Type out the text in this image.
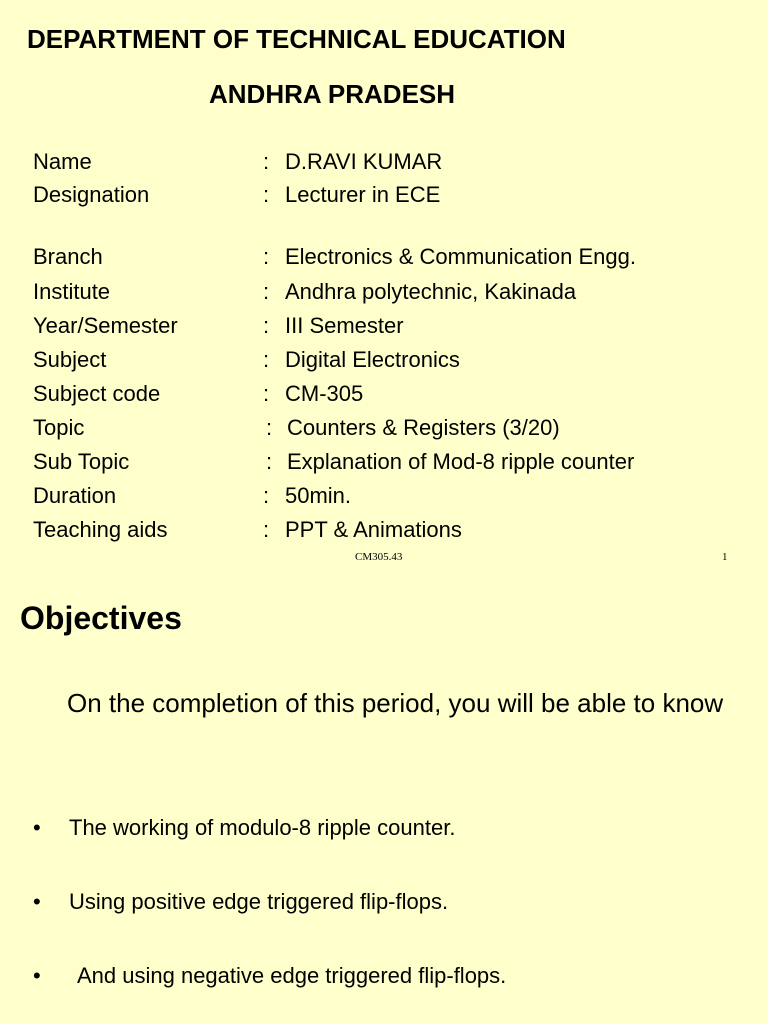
DEPARTMENT OF TECHNICAL EDUCATION
ANDHRA PRADESH
Name	: D.RAVI KUMAR
Designation	: Lecturer in ECE
Branch	: Electronics & Communication Engg.
Institute	: Andhra polytechnic, Kakinada
Year/Semester	: III Semester
Subject	: Digital Electronics
Subject code	: CM-305
Topic	: Counters & Registers (3/20)
Sub Topic	: Explanation of Mod-8 ripple counter
Duration	: 50min.
Teaching aids	: PPT & Animations
CM305.43	1
Objectives
On the completion of this period, you will be able to know
• The working of modulo-8 ripple counter.
• Using positive edge triggered flip-flops.
• And using negative edge triggered flip-flops.
